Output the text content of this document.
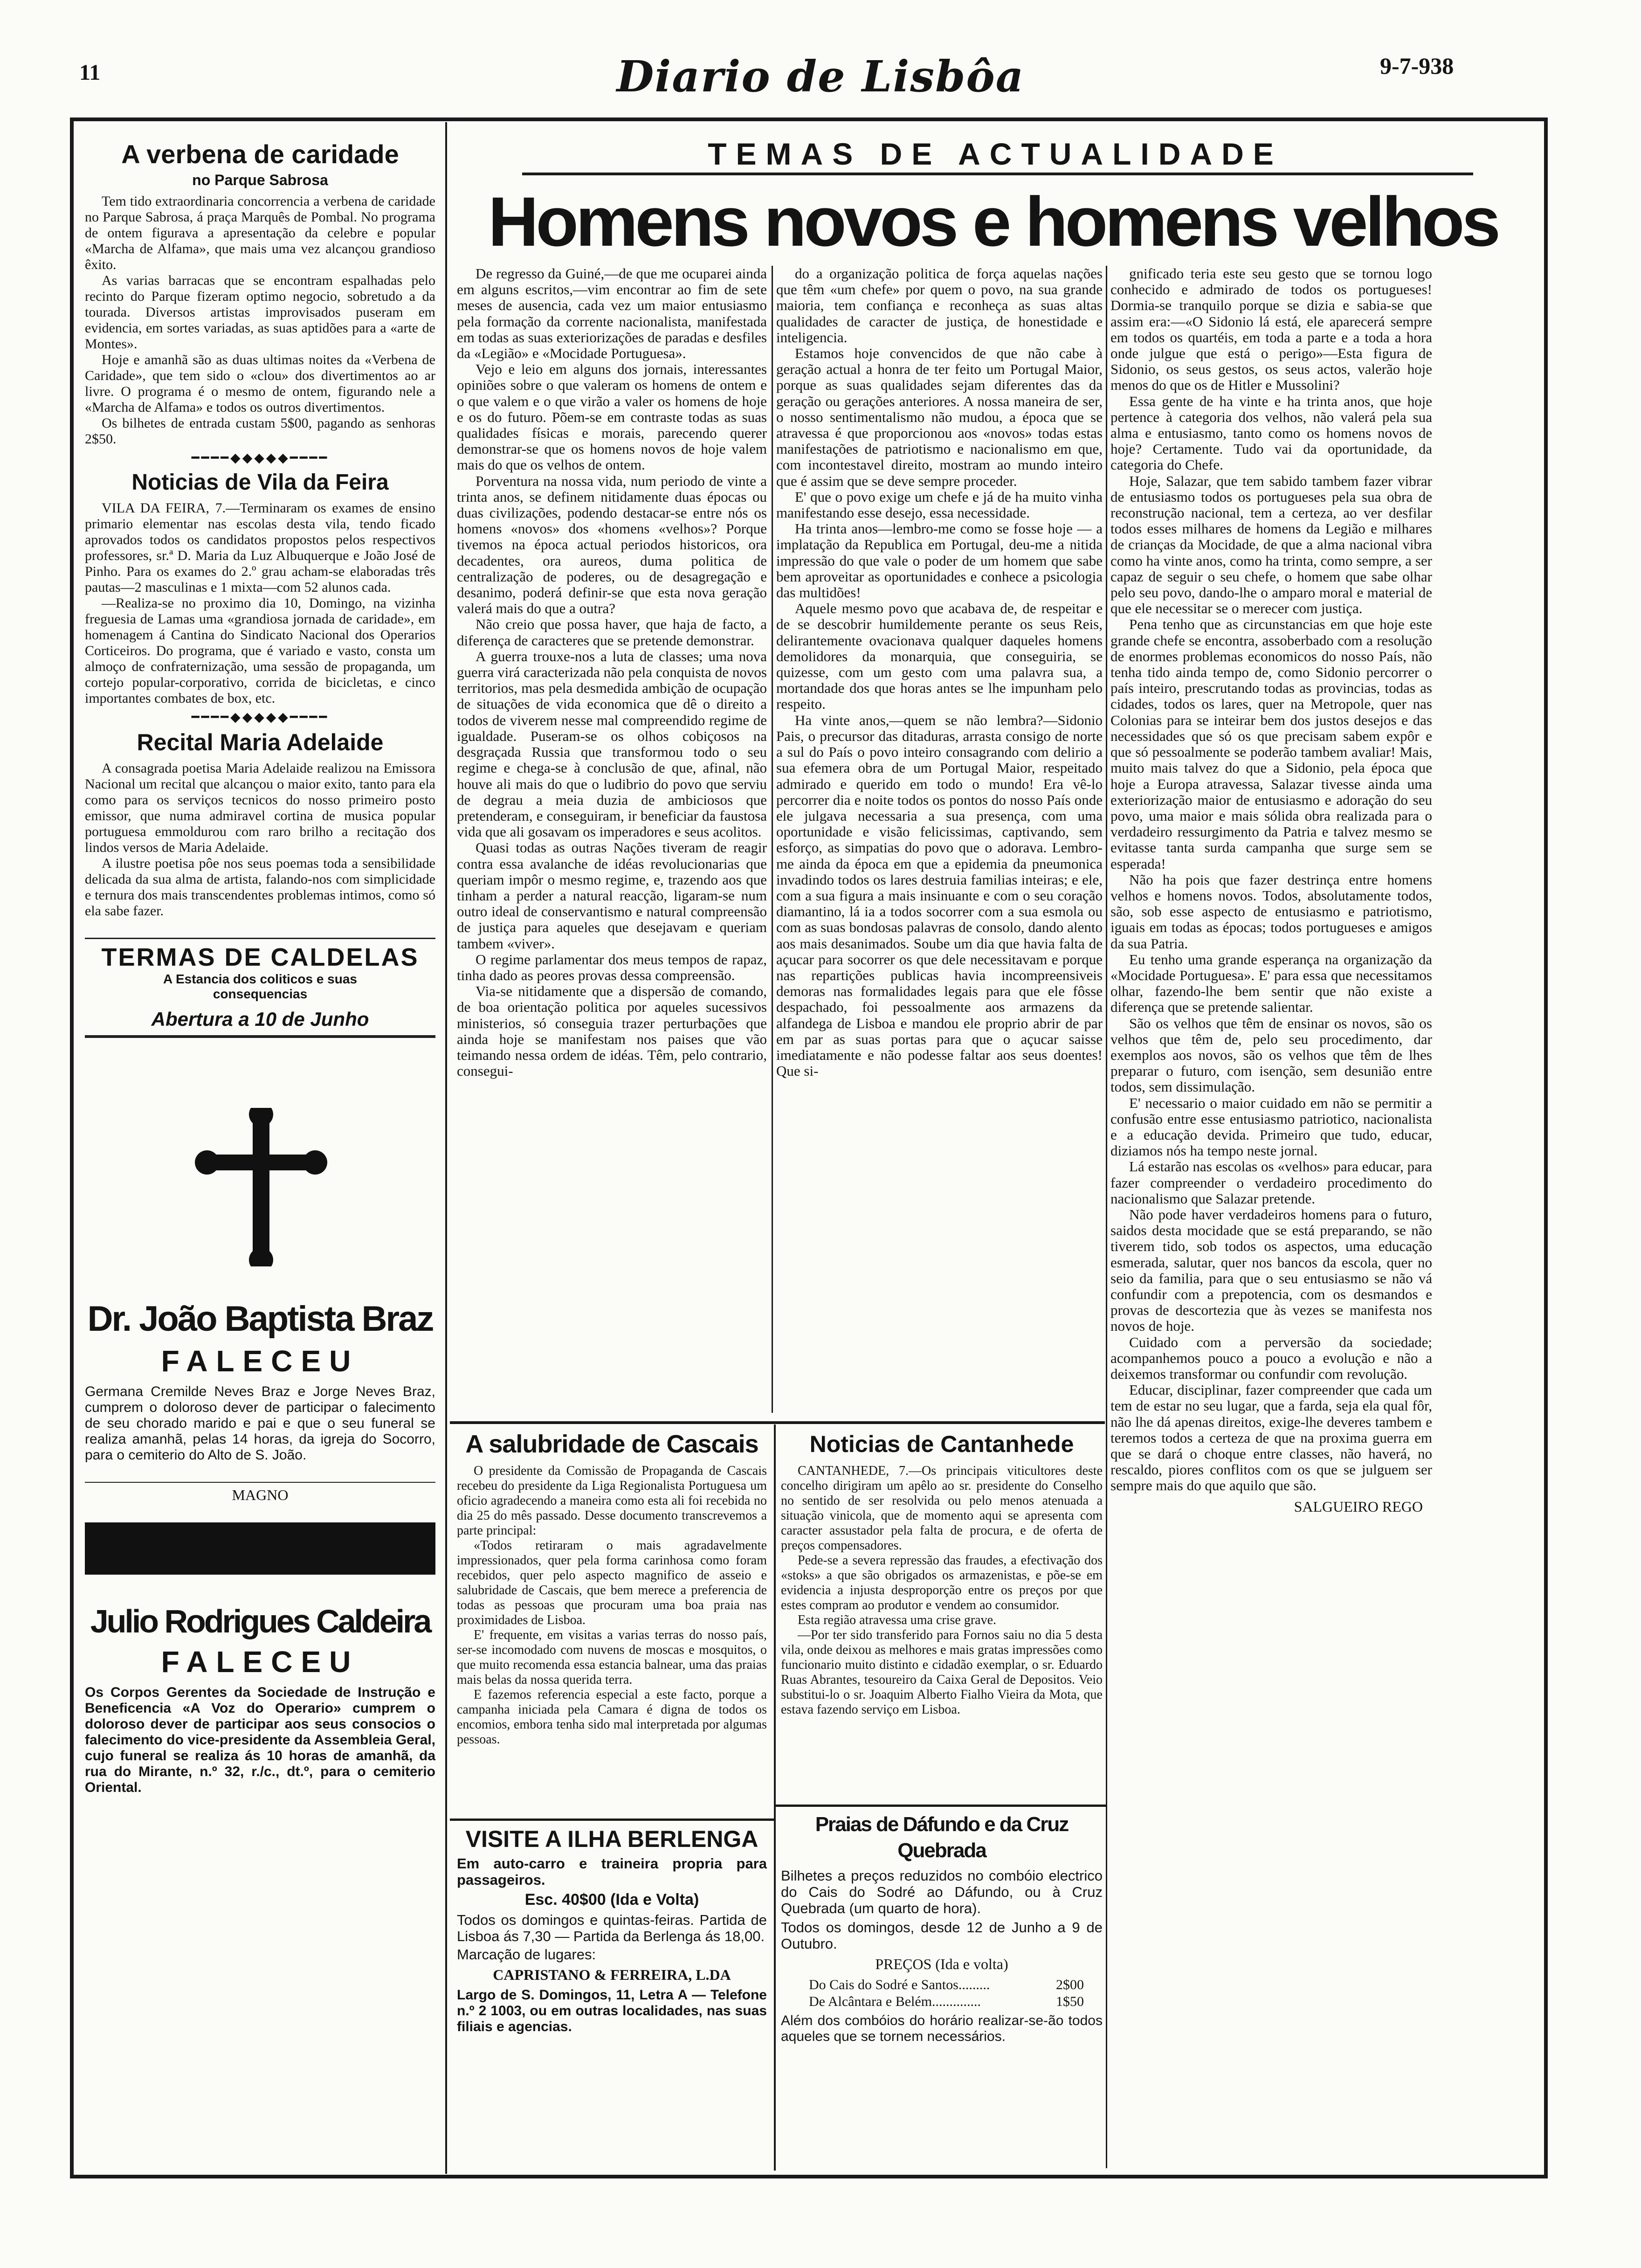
11	Diario de Lisbôa	9-7-938
A verbena de caridade
no Parque Sabrosa

Tem tido extraordinaria concorrencia a verbena de caridade no Parque Sabrosa, á praça Marquês de Pombal. No programa de ontem figurava a apresentação da celebre e popular «Marcha de Alfama», que mais uma vez alcançou grandioso êxito.

As varias barracas que se encontram espalhadas pelo recinto do Parque fizeram optimo negocio, sobretudo a da tourada. Diversos artistas improvisados puseram em evidencia, em sortes variadas, as suas aptidões para a «arte de Montes».

Hoje e amanhã são as duas ultimas noites da «Verbena de Caridade», que tem sido o «clou» dos divertimentos ao ar livre. O programa é o mesmo de ontem, figurando nele a «Marcha de Alfama» e todos os outros divertimentos.

Os bilhetes de entrada custam 5$00, pagando as senhoras 2$50.

━━━━◆◆◆◆◆━━━━
Noticias de Vila da Feira

VILA DA FEIRA, 7.—Terminaram os exames de ensino primario elementar nas escolas desta vila, tendo ficado aprovados todos os candidatos propostos pelos respectivos professores, sr.ª D. Maria da Luz Albuquerque e João José de Pinho. Para os exames do 2.º grau acham-se elaboradas três pautas—2 masculinas e 1 mixta—com 52 alunos cada.

—Realiza-se no proximo dia 10, Domingo, na vizinha freguesia de Lamas uma «grandiosa jornada de caridade», em homenagem á Cantina do Sindicato Nacional dos Operarios Corticeiros. Do programa, que é variado e vasto, consta um almoço de confraternização, uma sessão de propaganda, um cortejo popular-corporativo, corrida de bicicletas, e cinco importantes combates de box, etc.

━━━━◆◆◆◆◆━━━━
Recital Maria Adelaide

A consagrada poetisa Maria Adelaide realizou na Emissora Nacional um recital que alcançou o maior exito, tanto para ela como para os serviços tecnicos do nosso primeiro posto emissor, que numa admiravel cortina de musica popular portuguesa emmoldurou com raro brilho a recitação dos lindos versos de Maria Adelaide.

A ilustre poetisa pôe nos seus poemas toda a sensibilidade delicada da sua alma de artista, falando-nos com simplicidade e ternura dos mais transcendentes problemas intimos, como só ela sabe fazer.

TERMAS DE CALDELAS
A Estancia dos coliticos e suas
consequencias
Abertura a 10 de Junho
Dr. João Baptista Braz
FALECEU
Germana Cremilde Neves Braz e Jorge Neves Braz, cumprem o doloroso dever de participar o falecimento de seu chorado marido e pai e que o seu funeral se realiza amanhã, pelas 14 horas, da igreja do Socorro, para o cemiterio do Alto de S. João.
MAGNO
Julio Rodrigues Caldeira
FALECEU
Os Corpos Gerentes da Sociedade de Instrução e Beneficencia «A Voz do Operario» cumprem o doloroso dever de participar aos seus consocios o falecimento do vice-presidente da Assembleia Geral, cujo funeral se realiza ás 10 horas de amanhã, da rua do Mirante, n.º 32, r./c., dt.º, para o cemiterio Oriental.
TEMAS DE ACTUALIDADE
Homens novos e homens velhos

De regresso da Guiné,—de que me ocuparei ainda em alguns escritos,—vim encontrar ao fim de sete meses de ausencia, cada vez um maior entusiasmo pela formação da corrente nacionalista, manifestada em todas as suas exteriorizações de paradas e desfiles da «Legião» e «Mocidade Portuguesa».

Vejo e leio em alguns dos jornais, interessantes opiniões sobre o que valeram os homens de ontem e o que valem e o que virão a valer os homens de hoje e os do futuro. Põem-se em contraste todas as suas qualidades físicas e morais, parecendo querer demonstrar-se que os homens novos de hoje valem mais do que os velhos de ontem.

Porventura na nossa vida, num periodo de vinte a trinta anos, se definem nitidamente duas épocas ou duas civilizações, podendo destacar-se entre nós os homens «novos» dos «homens «velhos»? Porque tivemos na época actual periodos historicos, ora decadentes, ora aureos, duma politica de centralização de poderes, ou de desagregação e desanimo, poderá definir-se que esta nova geração valerá mais do que a outra?

Não creio que possa haver, que haja de facto, a diferença de caracteres que se pretende demonstrar.

A guerra trouxe-nos a luta de classes; uma nova guerra virá caracterizada não pela conquista de novos territorios, mas pela desmedida ambição de ocupação de situações de vida economica que dê o direito a todos de viverem nesse mal compreendido regime de igualdade. Puseram-se os olhos cobiçosos na desgraçada Russia que transformou todo o seu regime e chega-se à conclusão de que, afinal, não houve ali mais do que o ludibrio do povo que serviu de degrau a meia duzia de ambiciosos que pretenderam, e conseguiram, ir beneficiar da faustosa vida que ali gosavam os imperadores e seus acolitos.

Quasi todas as outras Nações tiveram de reagir contra essa avalanche de idéas revolucionarias que queriam impôr o mesmo regime, e, trazendo aos que tinham a perder a natural reacção, ligaram-se num outro ideal de conservantismo e natural compreensão de justiça para aqueles que desejavam e queriam tambem «viver».

O regime parlamentar dos meus tempos de rapaz, tinha dado as peores provas dessa compreensão.

Via-se nitidamente que a dispersão de comando, de boa orientação politica por aqueles sucessivos ministerios, só conseguia trazer perturbações que ainda hoje se manifestam nos paises que vão teimando nessa ordem de idéas. Têm, pelo contrario, consegui-

do a organização politica de força aquelas nações que têm «um chefe» por quem o povo, na sua grande maioria, tem confiança e reconheça as suas altas qualidades de caracter de justiça, de honestidade e inteligencia.

Estamos hoje convencidos de que não cabe à geração actual a honra de ter feito um Portugal Maior, porque as suas qualidades sejam diferentes das da geração ou gerações anteriores. A nossa maneira de ser, o nosso sentimentalismo não mudou, a época que se atravessa é que proporcionou aos «novos» todas estas manifestações de patriotismo e nacionalismo em que, com incontestavel direito, mostram ao mundo inteiro que é assim que se deve sempre proceder.

E' que o povo exige um chefe e já de ha muito vinha manifestando esse desejo, essa necessidade.

Ha trinta anos—lembro-me como se fosse hoje — a implatação da Republica em Portugal, deu-me a nitida impressão do que vale o poder de um homem que sabe bem aproveitar as oportunidades e conhece a psicologia das multidões!

Aquele mesmo povo que acabava de, de respeitar e de se descobrir humildemente perante os seus Reis, delirantemente ovacionava qualquer daqueles homens demolidores da monarquia, que conseguiria, se quizesse, com um gesto com uma palavra sua, a mortandade dos que horas antes se lhe impunham pelo respeito.

Ha vinte anos,—quem se não lembra?—Sidonio Pais, o precursor das ditaduras, arrasta consigo de norte a sul do País o povo inteiro consagrando com delirio a sua efemera obra de um Portugal Maior, respeitado admirado e querido em todo o mundo! Era vê-lo percorrer dia e noite todos os pontos do nosso País onde ele julgava necessaria a sua presença, com uma oportunidade e visão felicissimas, captivando, sem esforço, as simpatias do povo que o adorava. Lembro-me ainda da época em que a epidemia da pneumonica invadindo todos os lares destruia familias inteiras; e ele, com a sua figura a mais insinuante e com o seu coração diamantino, lá ia a todos socorrer com a sua esmola ou com as suas bondosas palavras de consolo, dando alento aos mais desanimados. Soube um dia que havia falta de açucar para socorrer os que dele necessitavam e porque nas repartições publicas havia incompreensiveis demoras nas formalidades legais para que ele fôsse despachado, foi pessoalmente aos armazens da alfandega de Lisboa e mandou ele proprio abrir de par em par as suas portas para que o açucar saisse imediatamente e não podesse faltar aos seus doentes! Que si-

gnificado teria este seu gesto que se tornou logo conhecido e admirado de todos os portugueses! Dormia-se tranquilo porque se dizia e sabia-se que assim era:—«O Sidonio lá está, ele aparecerá sempre em todos os quartéis, em toda a parte e a toda a hora onde julgue que está o perigo»—Esta figura de Sidonio, os seus gestos, os seus actos, valerão hoje menos do que os de Hitler e Mussolini?

Essa gente de ha vinte e ha trinta anos, que hoje pertence à categoria dos velhos, não valerá pela sua alma e entusiasmo, tanto como os homens novos de hoje? Certamente. Tudo vai da oportunidade, da categoria do Chefe.

Hoje, Salazar, que tem sabido tambem fazer vibrar de entusiasmo todos os portugueses pela sua obra de reconstrução nacional, tem a certeza, ao ver desfilar todos esses milhares de homens da Legião e milhares de crianças da Mocidade, de que a alma nacional vibra como ha vinte anos, como ha trinta, como sempre, a ser capaz de seguir o seu chefe, o homem que sabe olhar pelo seu povo, dando-lhe o amparo moral e material de que ele necessitar se o merecer com justiça.

Pena tenho que as circunstancias em que hoje este grande chefe se encontra, assoberbado com a resolução de enormes problemas economicos do nosso País, não tenha tido ainda tempo de, como Sidonio percorrer o país inteiro, prescrutando todas as provincias, todas as cidades, todos os lares, quer na Metropole, quer nas Colonias para se inteirar bem dos justos desejos e das necessidades que só os que precisam sabem expôr e que só pessoalmente se poderão tambem avaliar! Mais, muito mais talvez do que a Sidonio, pela época que hoje a Europa atravessa, Salazar tivesse ainda uma exteriorização maior de entusiasmo e adoração do seu povo, uma maior e mais sólida obra realizada para o verdadeiro ressurgimento da Patria e talvez mesmo se evitasse tanta surda campanha que surge sem se esperada!

Não ha pois que fazer destrinça entre homens velhos e homens novos. Todos, absolutamente todos, são, sob esse aspecto de entusiasmo e patriotismo, iguais em todas as épocas; todos portugueses e amigos da sua Patria.

Eu tenho uma grande esperança na organização da «Mocidade Portuguesa». E' para essa que necessitamos olhar, fazendo-lhe bem sentir que não existe a diferença que se pretende salientar.

São os velhos que têm de ensinar os novos, são os velhos que têm de, pelo seu procedimento, dar exemplos aos novos, são os velhos que têm de lhes preparar o futuro, com isenção, sem desunião entre todos, sem dissimulação.

E' necessario o maior cuidado em não se permitir a confusão entre esse entusiasmo patriotico, nacionalista e a educação devida. Primeiro que tudo, educar, diziamos nós ha tempo neste jornal.

Lá estarão nas escolas os «velhos» para educar, para fazer compreender o verdadeiro procedimento do nacionalismo que Salazar pretende.

Não pode haver verdadeiros homens para o futuro, saidos desta mocidade que se está preparando, se não tiverem tido, sob todos os aspectos, uma educação esmerada, salutar, quer nos bancos da escola, quer no seio da familia, para que o seu entusiasmo se não vá confundir com a prepotencia, com os desmandos e provas de descortezia que às vezes se manifesta nos novos de hoje.

Cuidado com a perversão da sociedade; acompanhemos pouco a pouco a evolução e não a deixemos transformar ou confundir com revolução.

Educar, disciplinar, fazer compreender que cada um tem de estar no seu lugar, que a farda, seja ela qual fôr, não lhe dá apenas direitos, exige-lhe deveres tambem e teremos todos a certeza de que na proxima guerra em que se dará o choque entre classes, não haverá, no rescaldo, piores conflitos com os que se julguem ser sempre mais do que aquilo que são.

SALGUEIRO REGO
A salubridade de Cascais

O presidente da Comissão de Propaganda de Cascais recebeu do presidente da Liga Regionalista Portuguesa um oficio agradecendo a maneira como esta ali foi recebida no dia 25 do mês passado. Desse documento transcrevemos a parte principal:

«Todos retiraram o mais agradavelmente impressionados, quer pela forma carinhosa como foram recebidos, quer pelo aspecto magnifico de asseio e salubridade de Cascais, que bem merece a preferencia de todas as pessoas que procuram uma boa praia nas proximidades de Lisboa.

E' frequente, em visitas a varias terras do nosso país, ser-se incomodado com nuvens de moscas e mosquitos, o que muito recomenda essa estancia balnear, uma das praias mais belas da nossa querida terra.

E fazemos referencia especial a este facto, porque a campanha iniciada pela Camara é digna de todos os encomios, embora tenha sido mal interpretada por algumas pessoas.

Noticias de Cantanhede

CANTANHEDE, 7.—Os principais viticultores deste concelho dirigiram um apêlo ao sr. presidente do Conselho no sentido de ser resolvida ou pelo menos atenuada a situação vinicola, que de momento aqui se apresenta com caracter assustador pela falta de procura, e de oferta de preços compensadores.

Pede-se a severa repressão das fraudes, a efectivação dos «stoks» a que são obrigados os armazenistas, e põe-se em evidencia a injusta desproporção entre os preços por que estes compram ao produtor e vendem ao consumidor.

Esta região atravessa uma crise grave.

—Por ter sido transferido para Fornos saiu no dia 5 desta vila, onde deixou as melhores e mais gratas impressões como funcionario muito distinto e cidadão exemplar, o sr. Eduardo Ruas Abrantes, tesoureiro da Caixa Geral de Depositos. Veio substitui-lo o sr. Joaquim Alberto Fialho Vieira da Mota, que estava fazendo serviço em Lisboa.

VISITE A ILHA BERLENGA
Em auto-carro e traineira propria para passageiros.
Esc. 40$00 (Ida e Volta)
Todos os domingos e quintas-feiras. Partida de Lisboa ás 7,30 — Partida da Berlenga ás 18,00.
Marcação de lugares:
CAPRISTANO & FERREIRA, L.DA
Largo de S. Domingos, 11, Letra A — Telefone n.º 2 1003, ou em outras localidades, nas suas filiais e agencias.
Praias de Dáfundo e da Cruz Quebrada
Bilhetes a preços reduzidos no combóio electrico do Cais do Sodré ao Dáfundo, ou à Cruz Quebrada (um quarto de hora).
Todos os domingos, desde 12 de Junho a 9 de Outubro.
PREÇOS (Ida e volta)
Do Cais do Sodré e Santos.........	2$00
De Alcântara e Belém..............	1$50
Além dos combóios do horário realizar-se-ão todos aqueles que se tornem necessários.
